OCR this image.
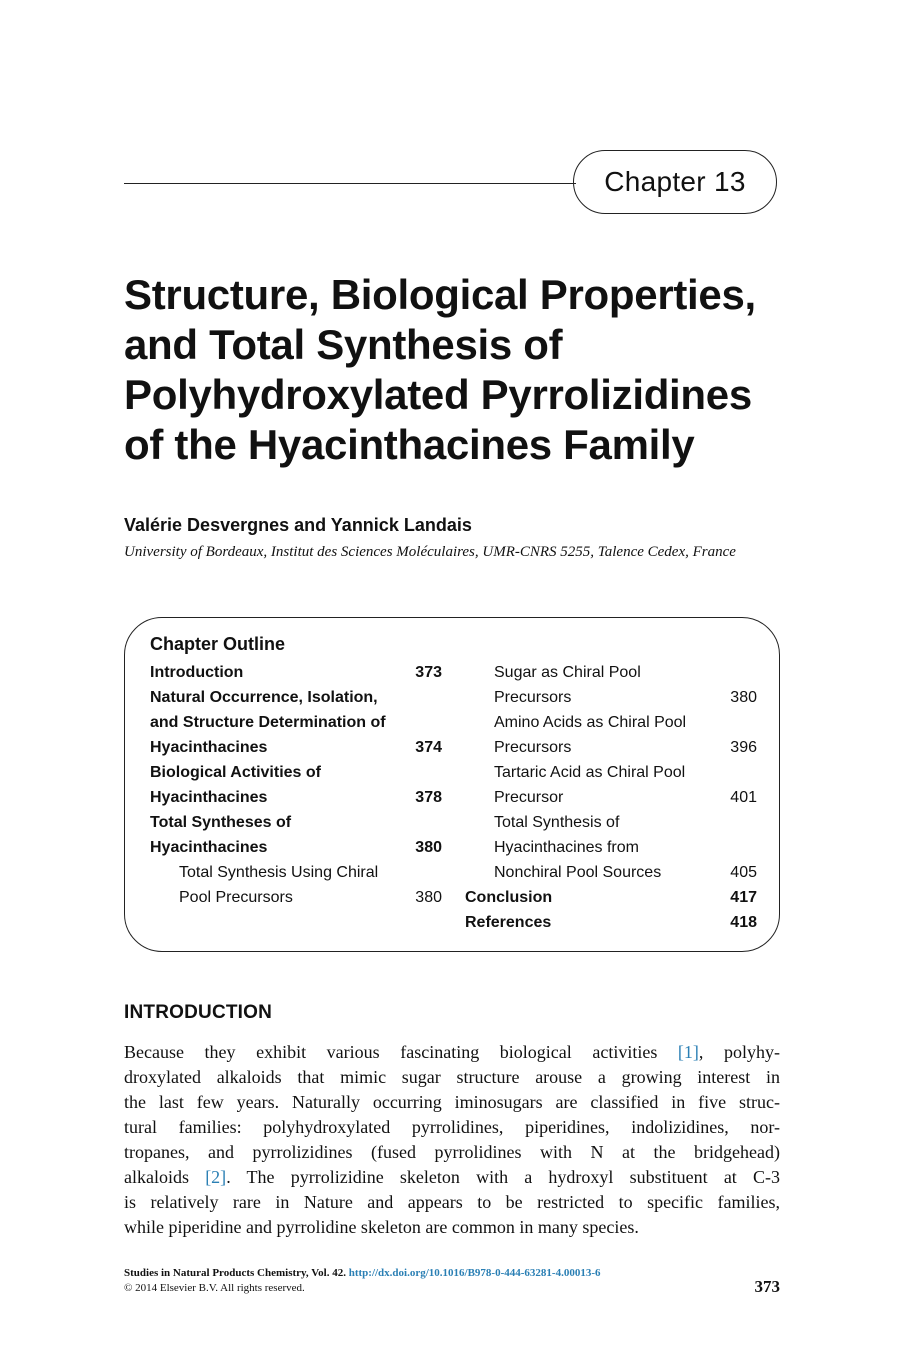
Chapter 13
Structure, Biological Properties,
and Total Synthesis of
Polyhydroxylated Pyrrolizidines
of the Hyacinthacines Family
Valérie Desvergnes and Yannick Landais
University of Bordeaux, Institut des Sciences Moléculaires, UMR-CNRS 5255, Talence Cedex, France
Chapter Outline
Introduction	373
Natural Occurrence, Isolation,
and Structure Determination of
Hyacinthacines	374
Biological Activities of
Hyacinthacines	378
Total Syntheses of
Hyacinthacines	380
Total Synthesis Using Chiral
Pool Precursors	380
Sugar as Chiral Pool
Precursors	380
Amino Acids as Chiral Pool
Precursors	396
Tartaric Acid as Chiral Pool
Precursor	401
Total Synthesis of
Hyacinthacines from
Nonchiral Pool Sources	405
Conclusion	417
References	418
INTRODUCTION
Because they exhibit various fascinating biological activities [1], polyhy-
droxylated alkaloids that mimic sugar structure arouse a growing interest in
the last few years. Naturally occurring iminosugars are classified in five struc-
tural families: polyhydroxylated pyrrolidines, piperidines, indolizidines, nor-
tropanes, and pyrrolizidines (fused pyrrolidines with N at the bridgehead)
alkaloids [2]. The pyrrolizidine skeleton with a hydroxyl substituent at C-3
is relatively rare in Nature and appears to be restricted to specific families,
while piperidine and pyrrolidine skeleton are common in many species.
Studies in Natural Products Chemistry, Vol. 42. http://dx.doi.org/10.1016/B978-0-444-63281-4.00013-6
© 2014 Elsevier B.V. All rights reserved.	373
